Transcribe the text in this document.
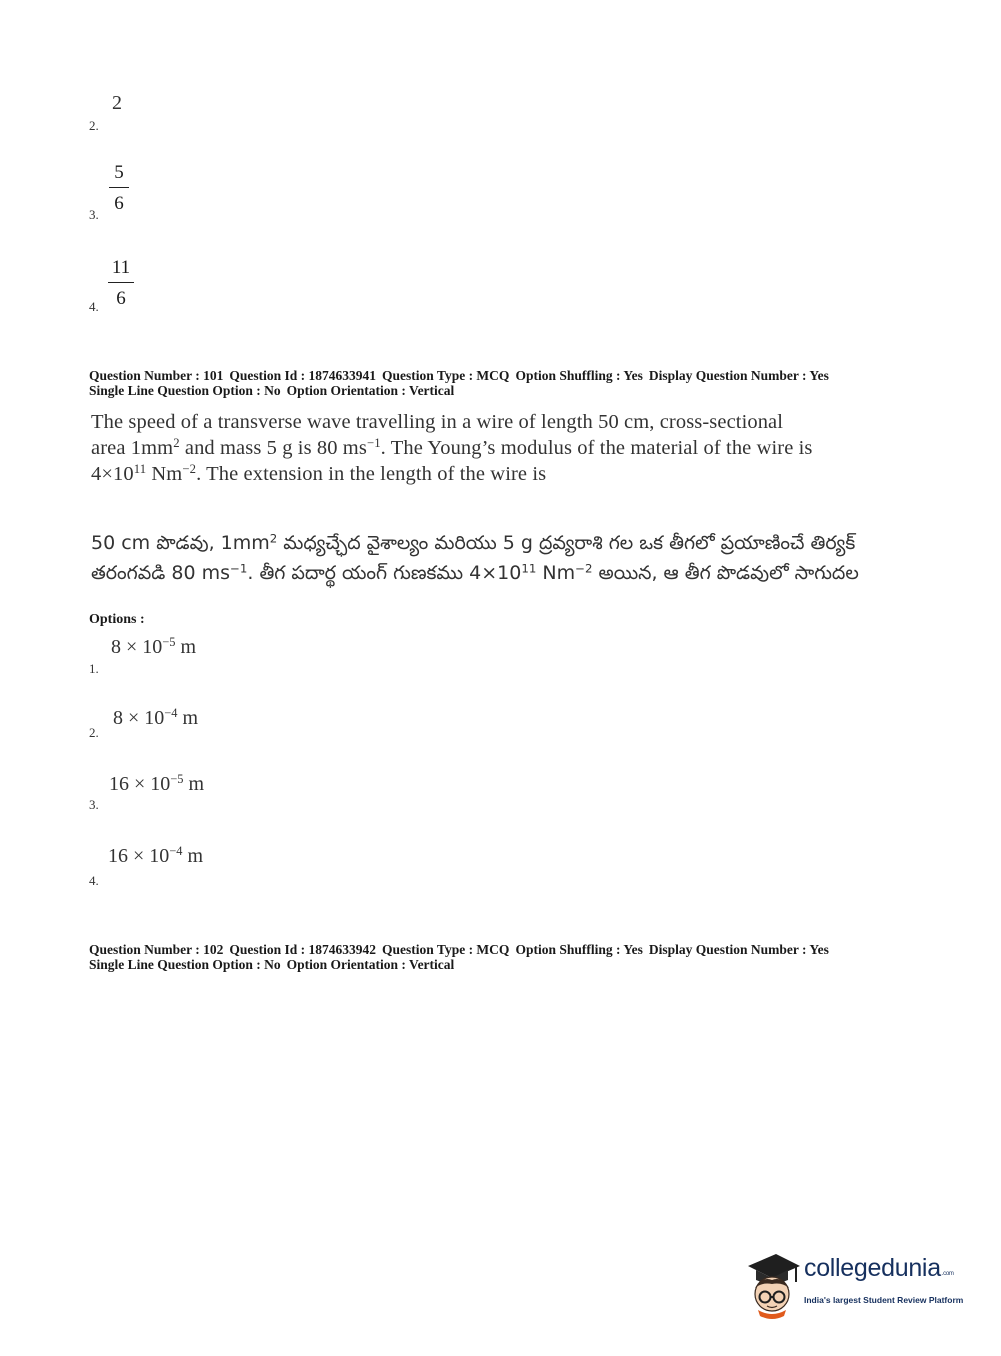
2.
2
3.
5
6
4.
11
6
Question Number : 101 Question Id : 1874633941 Question Type : MCQ Option Shuffling : Yes Display Question Number : Yes
Single Line Question Option : No Option Orientation : Vertical
The speed of a transverse wave travelling in a wire of length 50 cm, cross-sectional
area $1mm^2$ and mass 5 g is 80 $ms^{-1}$. The Young’s modulus of the material of the wire is
$4\times 10^{11}$ $Nm^{-2}$. The extension in the length of the wire is
50 cm పొడవు, $1mm^2$ మధ్యచ్ఛేద వైశాల్యం మరియు 5 g ద్రవ్యరాశి గల ఒక తీగలో ప్రయాణించే తిర్యక్
తరంగవడి 80 $ms^{-1}$. తీగ పదార్థ యంగ్ గుణకము $4\times 10^{11}$ $Nm^{-2}$ అయిన, ఆ తీగ పొడవులో సాగుదల
Options :
$8 \times 10^{-5}$ m
1.
$8 \times 10^{-4}$ m
2.
$16 \times 10^{-5}$ m
3.
$16 \times 10^{-4}$ m
4.
Question Number : 102 Question Id : 1874633942 Question Type : MCQ Option Shuffling : Yes Display Question Number : Yes
Single Line Question Option : No Option Orientation : Vertical
collegedunia.com
India's largest Student Review Platform
